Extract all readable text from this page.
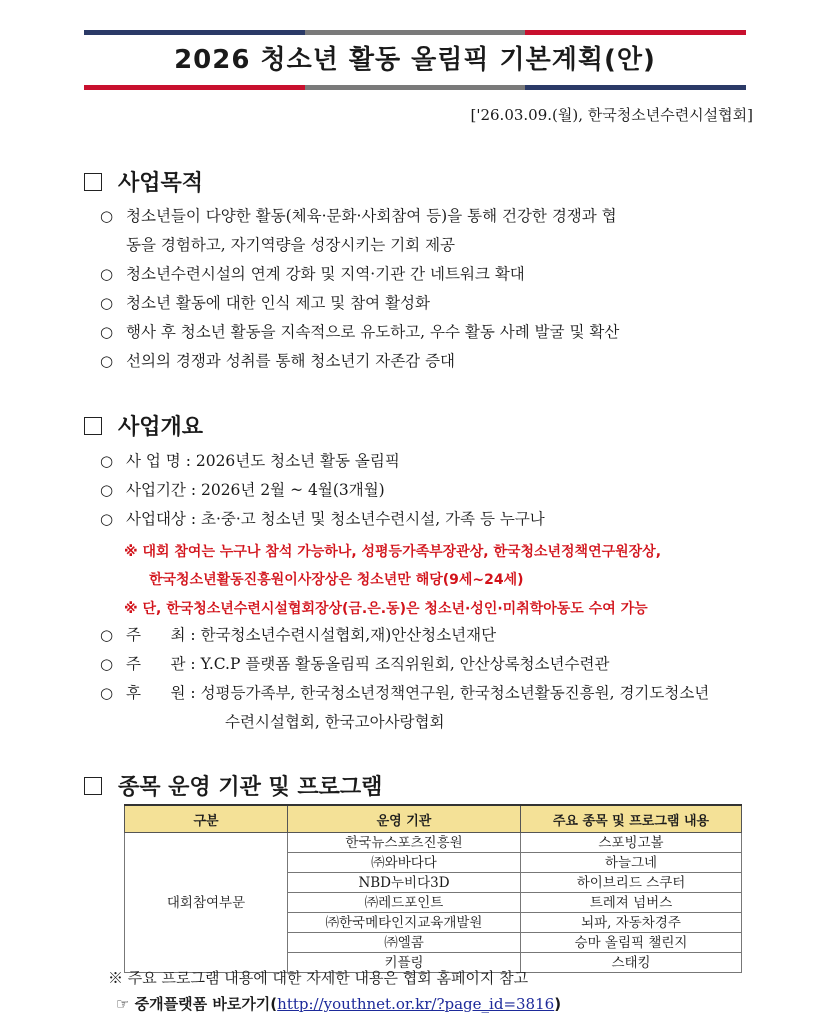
2026 청소년 활동 올림픽 기본계획(안)
['26.03.09.(월), 한국청소년수련시설협회]
사업목적
○ 청소년들이 다양한 활동(체육·문화·사회참여 등)을 통해 건강한 경쟁과 협
동을 경험하고, 자기역량을 성장시키는 기회 제공
○ 청소년수련시설의 연계 강화 및 지역·기관 간 네트워크 확대
○ 청소년 활동에 대한 인식 제고 및 참여 활성화
○ 행사 후 청소년 활동을 지속적으로 유도하고, 우수 활동 사례 발굴 및 확산
○ 선의의 경쟁과 성취를 통해 청소년기 자존감 증대
사업개요
○ 사 업 명 : 2026년도 청소년 활동 올림픽
○ 사업기간 : 2026년 2월 ~ 4월(3개월)
○ 사업대상 : 초·중·고 청소년 및 청소년수련시설, 가족 등 누구나
※ 대회 참여는 누구나 참석 가능하나, 성평등가족부장관상, 한국청소년정책연구원장상,
한국청소년활동진흥원이사장상은 청소년만 해당(9세~24세)
※ 단, 한국청소년수련시설협회장상(금.은.동)은 청소년·성인·미취학아동도 수여 가능
○ 주      최 : 한국청소년수련시설협회,재)안산청소년재단
○ 주      관 : Y.C.P 플랫폼 활동올림픽 조직위원회, 안산상록청소년수련관
○ 후      원 : 성평등가족부, 한국청소년정책연구원, 한국청소년활동진흥원, 경기도청소년
수련시설협회, 한국고아사랑협회
종목 운영 기관 및 프로그램
구분	운영 기관	주요 종목 및 프로그램 내용
대회참여부문	한국뉴스포츠진흥원	스포빙고볼
	㈜와바다다	하늘그네
	NBD누비다3D	하이브리드 스쿠터
	㈜레드포인트	트레져 넘버스
	㈜한국메타인지교육개발원	뇌파, 자동차경주
	㈜엘콤	승마 올림픽 챌린지
	키플링	스태킹
※ 주요 프로그램 내용에 대한 자세한 내용은 협회 홈페이지 참고
☞ 중개플랫폼 바로가기(http://youthnet.or.kr/?page_id=3816)
